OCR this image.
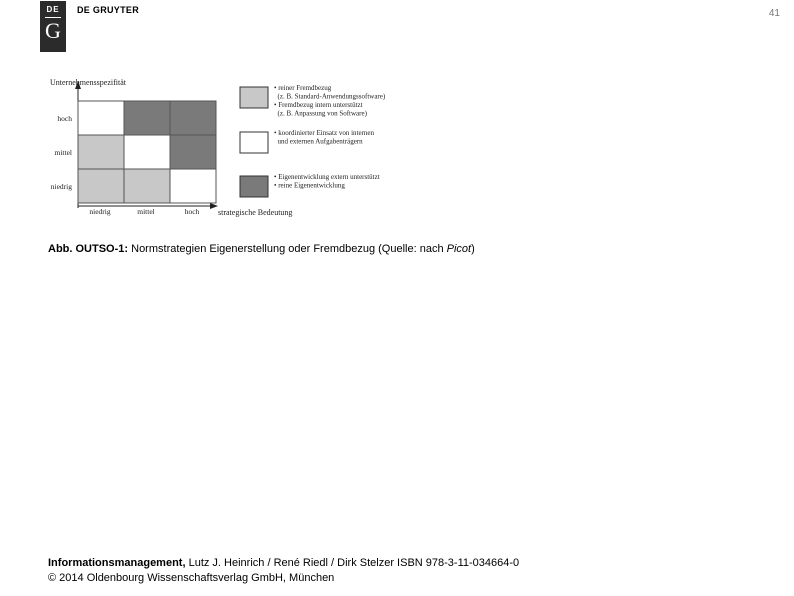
DE
G
DE GRUYTER	41
Unternehmensspezifität
strategische Bedeutung
hoch
mittel
niedrig
niedrig	mittel	hoch
• reiner Fremdbezug
(z. B. Standard-Anwendungssoftware)
• Fremdbezug intern unterstützt
(z. B. Anpassung von Software)
• koordinierter Einsatz von internen
und externen Aufgabenträgern
• Eigenentwicklung extern unterstützt
• reine Eigenentwicklung
Abb. OUTSO-1: Normstrategien Eigenerstellung oder Fremdbezug (Quelle: nach Picot)
Informationsmanagement, Lutz J. Heinrich / René Riedl / Dirk Stelzer ISBN 978-3-11-034664-0
© 2014 Oldenbourg Wissenschaftsverlag GmbH, München
